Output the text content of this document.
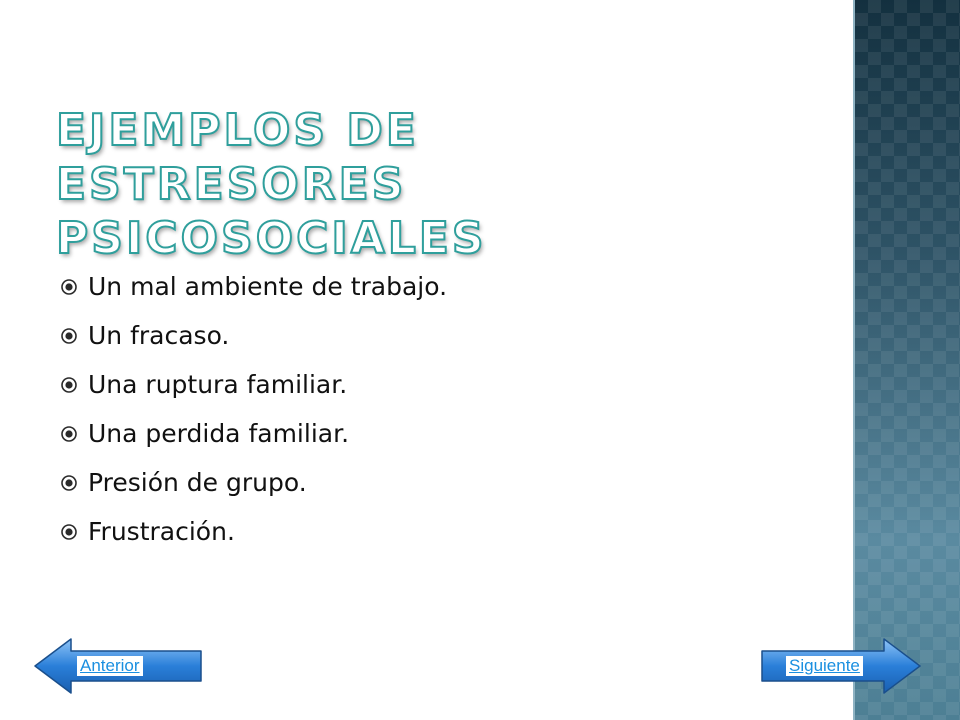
EJEMPLOS DE ESTRESORES PSICOSOCIALES
Un mal ambiente de trabajo.
Un fracaso.
Una ruptura familiar.
Una perdida familiar.
Presión de grupo.
Frustración.
Anterior	Siguiente
